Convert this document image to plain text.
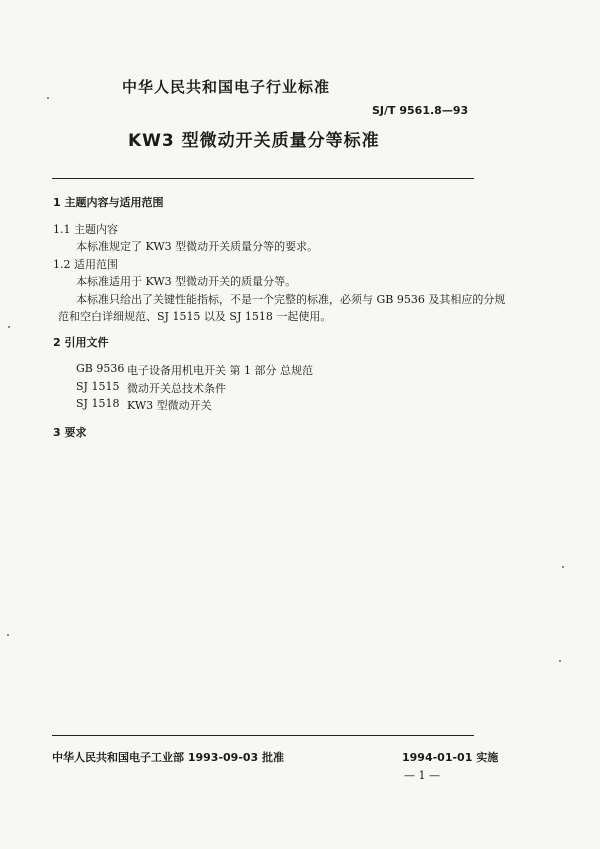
中华人民共和国电子行业标准
SJ/T 9561.8—93
KW3 型微动开关质量分等标准
1 主题内容与适用范围
1.1 主题内容
本标准规定了 KW3 型微动开关质量分等的要求。
1.2 适用范围
本标准适用于 KW3 型微动开关的质量分等。
本标准只给出了关键性能指标，不是一个完整的标准，必须与 GB 9536 及其相应的分规
范和空白详细规范、SJ 1515 以及 SJ 1518 一起使用。
2 引用文件
GB 9536 电子设备用机电开关 第 1 部分 总规范
SJ 1515 微动开关总技术条件
SJ 1518 KW3 型微动开关
3 要求
中华人民共和国电子工业部 1993-09-03 批准	1994-01-01 实施
— 1 —
